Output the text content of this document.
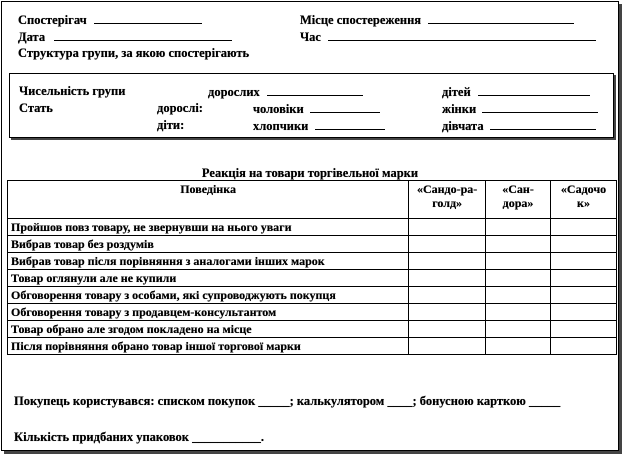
Спостерігач	Місце спостереження
Дата	Час
Структура групи, за якою спостерігають
Чисельність групи	дорослих	дітей
Стать	дорослі:	чоловіки	жінки
діти:	хлопчики	дівчата
Реакція на товари торгівельної марки
Поведінка	«Сандо-ра-голд»	«Сан-дора»	«Садочо к»
Пройшов повз товару, не звернувши на нього уваги			
Вибрав товар без роздумів			
Вибрав товар після порівняння з аналогами інших марок			
Товар оглянули але не купили			
Обговорення товару з особами, які супроводжують покупця			
Обговорення товару з продавцем-консультантом			
Товар обрано але згодом покладено на місце			
Після порівняння обрано товар іншої торгової марки			
Покупець користувався: списком покупок _____; калькулятором ____; бонусною карткою _____
Кількість придбаних упаковок ___________.
